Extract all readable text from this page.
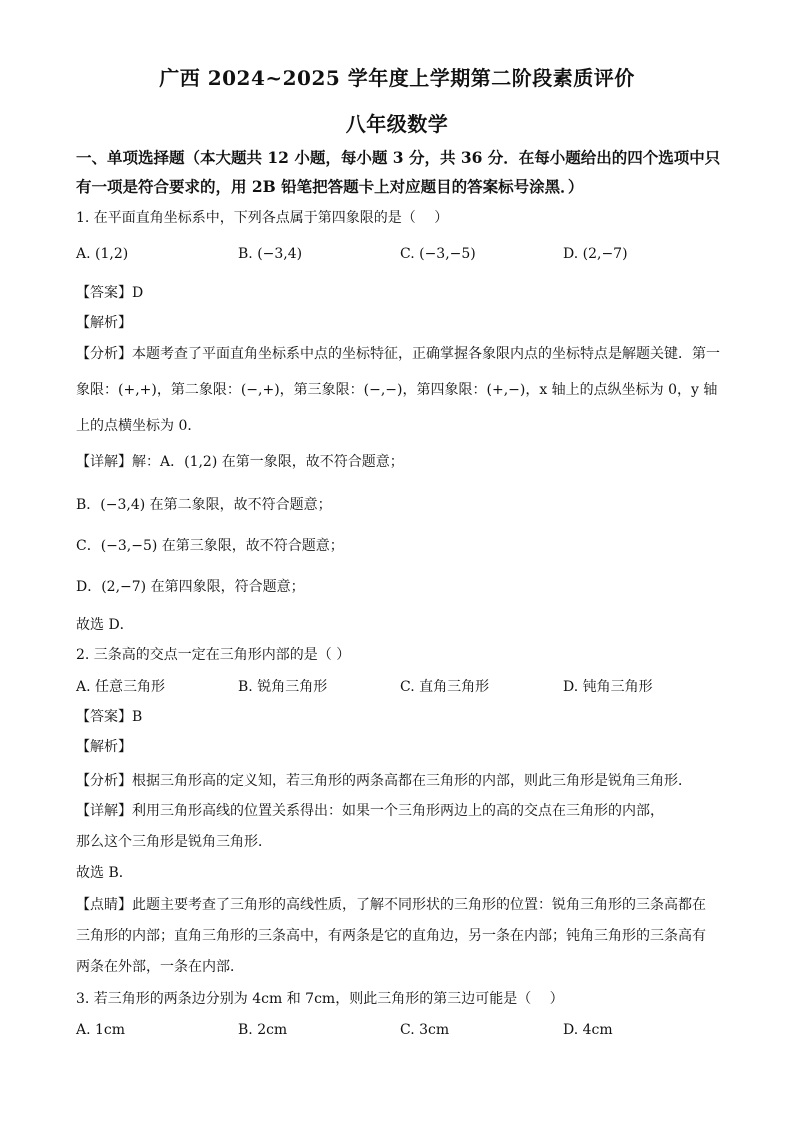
广西 2024~2025 学年度上学期第二阶段素质评价
八年级数学
一、单项选择题（本大题共 12 小题，每小题 3 分，共 36 分．在每小题给出的四个选项中只
有一项是符合要求的，用 2B 铅笔把答题卡上对应题目的答案标号涂黑．）
1. 在平面直角坐标系中，下列各点属于第四象限的是（　 ）
A. (1,2)	B. (−3,4)	C. (−3,−5)	D. (2,−7)
【答案】D
【解析】
【分析】本题考查了平面直角坐标系中点的坐标特征，正确掌握各象限内点的坐标特点是解题关键．第一
象限：(+,+)，第二象限：(−,+)，第三象限：(−,−)，第四象限：(+,−)，x 轴上的点纵坐标为 0，y 轴
上的点横坐标为 0．
【详解】解：A．(1,2) 在第一象限，故不符合题意；
B．(−3,4) 在第二象限，故不符合题意；
C．(−3,−5) 在第三象限，故不符合题意；
D．(2,−7) 在第四象限，符合题意；
故选 D．
2. 三条高的交点一定在三角形内部的是（ ）
A. 任意三角形	B. 锐角三角形	C. 直角三角形	D. 钝角三角形
【答案】B
【解析】
【分析】根据三角形高的定义知，若三角形的两条高都在三角形的内部，则此三角形是锐角三角形．
【详解】利用三角形高线的位置关系得出：如果一个三角形两边上的高的交点在三角形的内部，
那么这个三角形是锐角三角形．
故选 B．
【点睛】此题主要考查了三角形的高线性质，了解不同形状的三角形的位置：锐角三角形的三条高都在
三角形的内部；直角三角形的三条高中，有两条是它的直角边，另一条在内部；钝角三角形的三条高有
两条在外部，一条在内部．
3. 若三角形的两条边分别为 4cm 和 7cm，则此三角形的第三边可能是（　 ）
A. 1cm	B. 2cm	C. 3cm	D. 4cm
